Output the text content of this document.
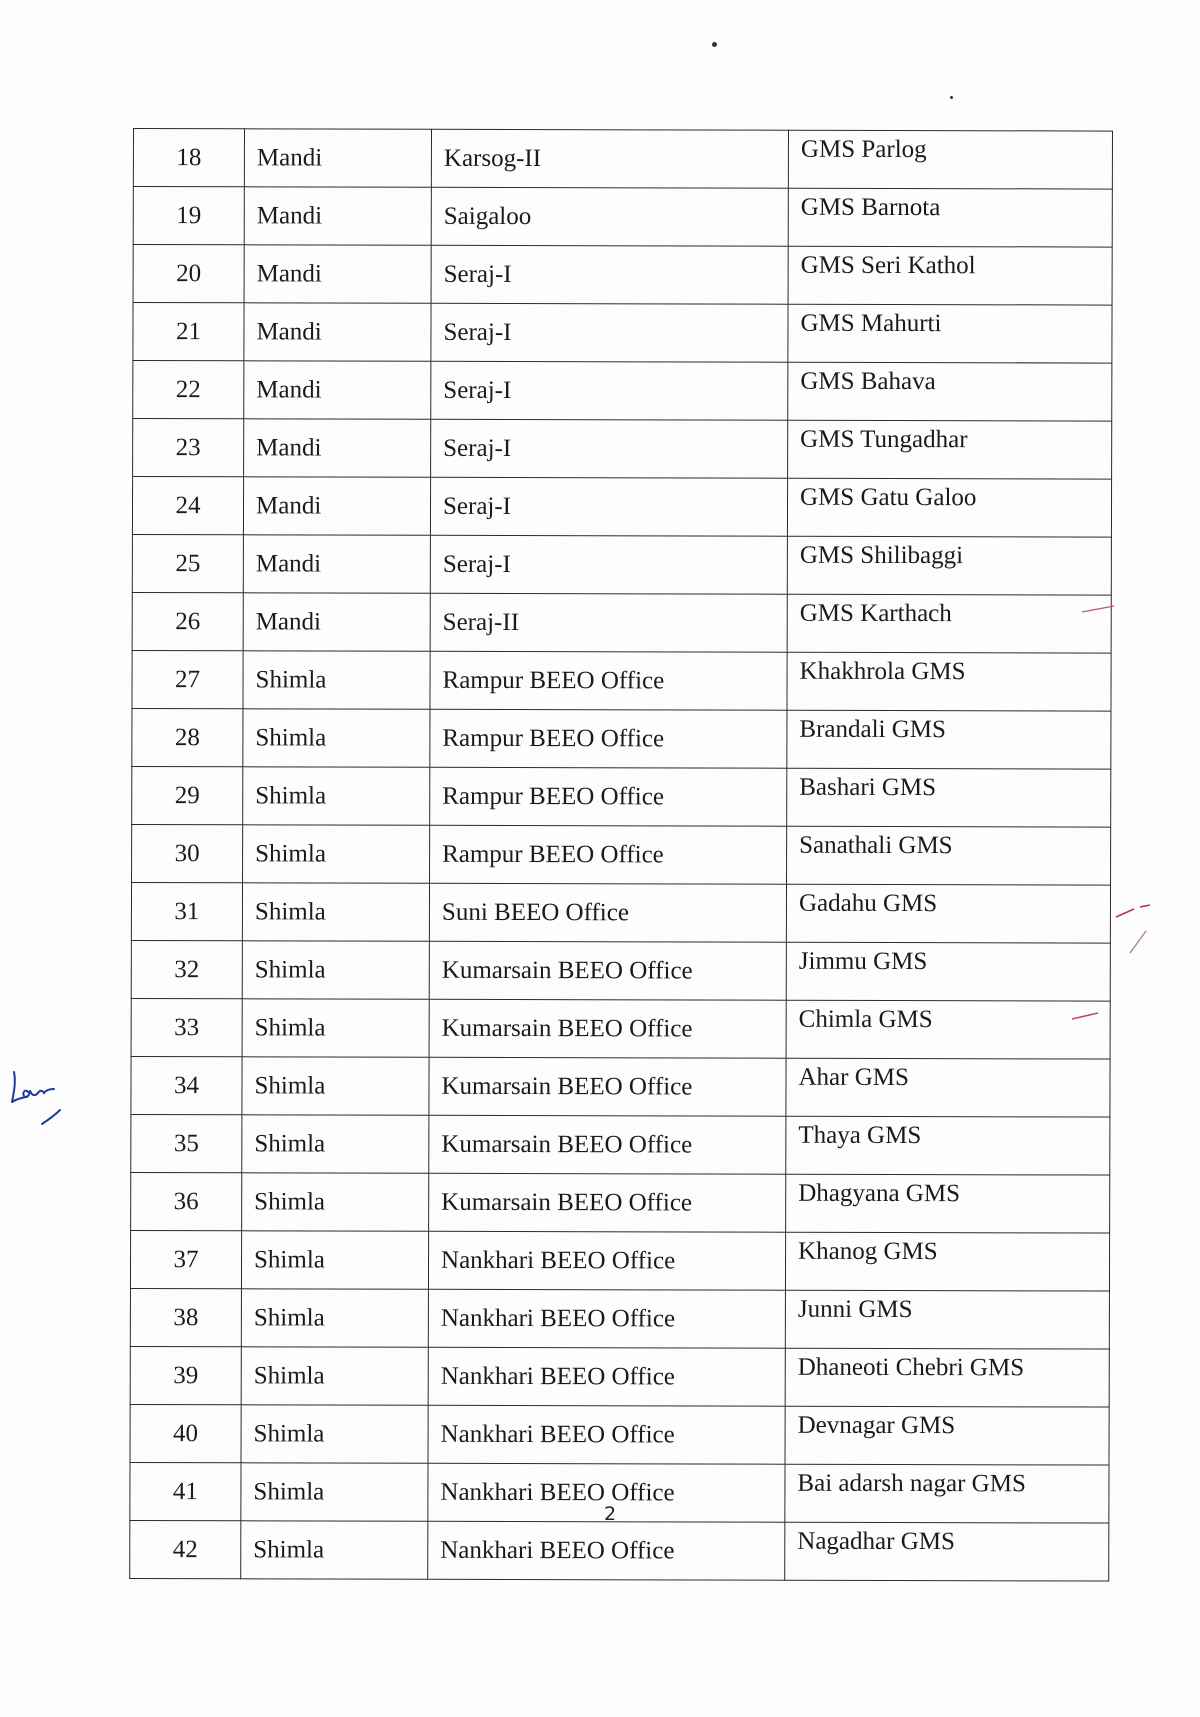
18	Mandi	Karsog-II	GMS Parlog
19	Mandi	Saigaloo	GMS Barnota
20	Mandi	Seraj-I	GMS Seri Kathol
21	Mandi	Seraj-I	GMS Mahurti
22	Mandi	Seraj-I	GMS Bahava
23	Mandi	Seraj-I	GMS Tungadhar
24	Mandi	Seraj-I	GMS Gatu Galoo
25	Mandi	Seraj-I	GMS Shilibaggi
26	Mandi	Seraj-II	GMS Karthach
27	Shimla	Rampur BEEO Office	Khakhrola GMS
28	Shimla	Rampur BEEO Office	Brandali GMS
29	Shimla	Rampur BEEO Office	Bashari GMS
30	Shimla	Rampur BEEO Office	Sanathali GMS
31	Shimla	Suni BEEO Office	Gadahu GMS
32	Shimla	Kumarsain BEEO Office	Jimmu GMS
33	Shimla	Kumarsain BEEO Office	Chimla GMS
34	Shimla	Kumarsain BEEO Office	Ahar GMS
35	Shimla	Kumarsain BEEO Office	Thaya GMS
36	Shimla	Kumarsain BEEO Office	Dhagyana GMS
37	Shimla	Nankhari BEEO Office	Khanog GMS
38	Shimla	Nankhari BEEO Office	Junni GMS
39	Shimla	Nankhari BEEO Office	Dhaneoti Chebri GMS
40	Shimla	Nankhari BEEO Office	Devnagar GMS
41	Shimla	Nankhari BEEO Office	Bai adarsh nagar GMS
42	Shimla	Nankhari BEEO Office	Nagadhar GMS
2
